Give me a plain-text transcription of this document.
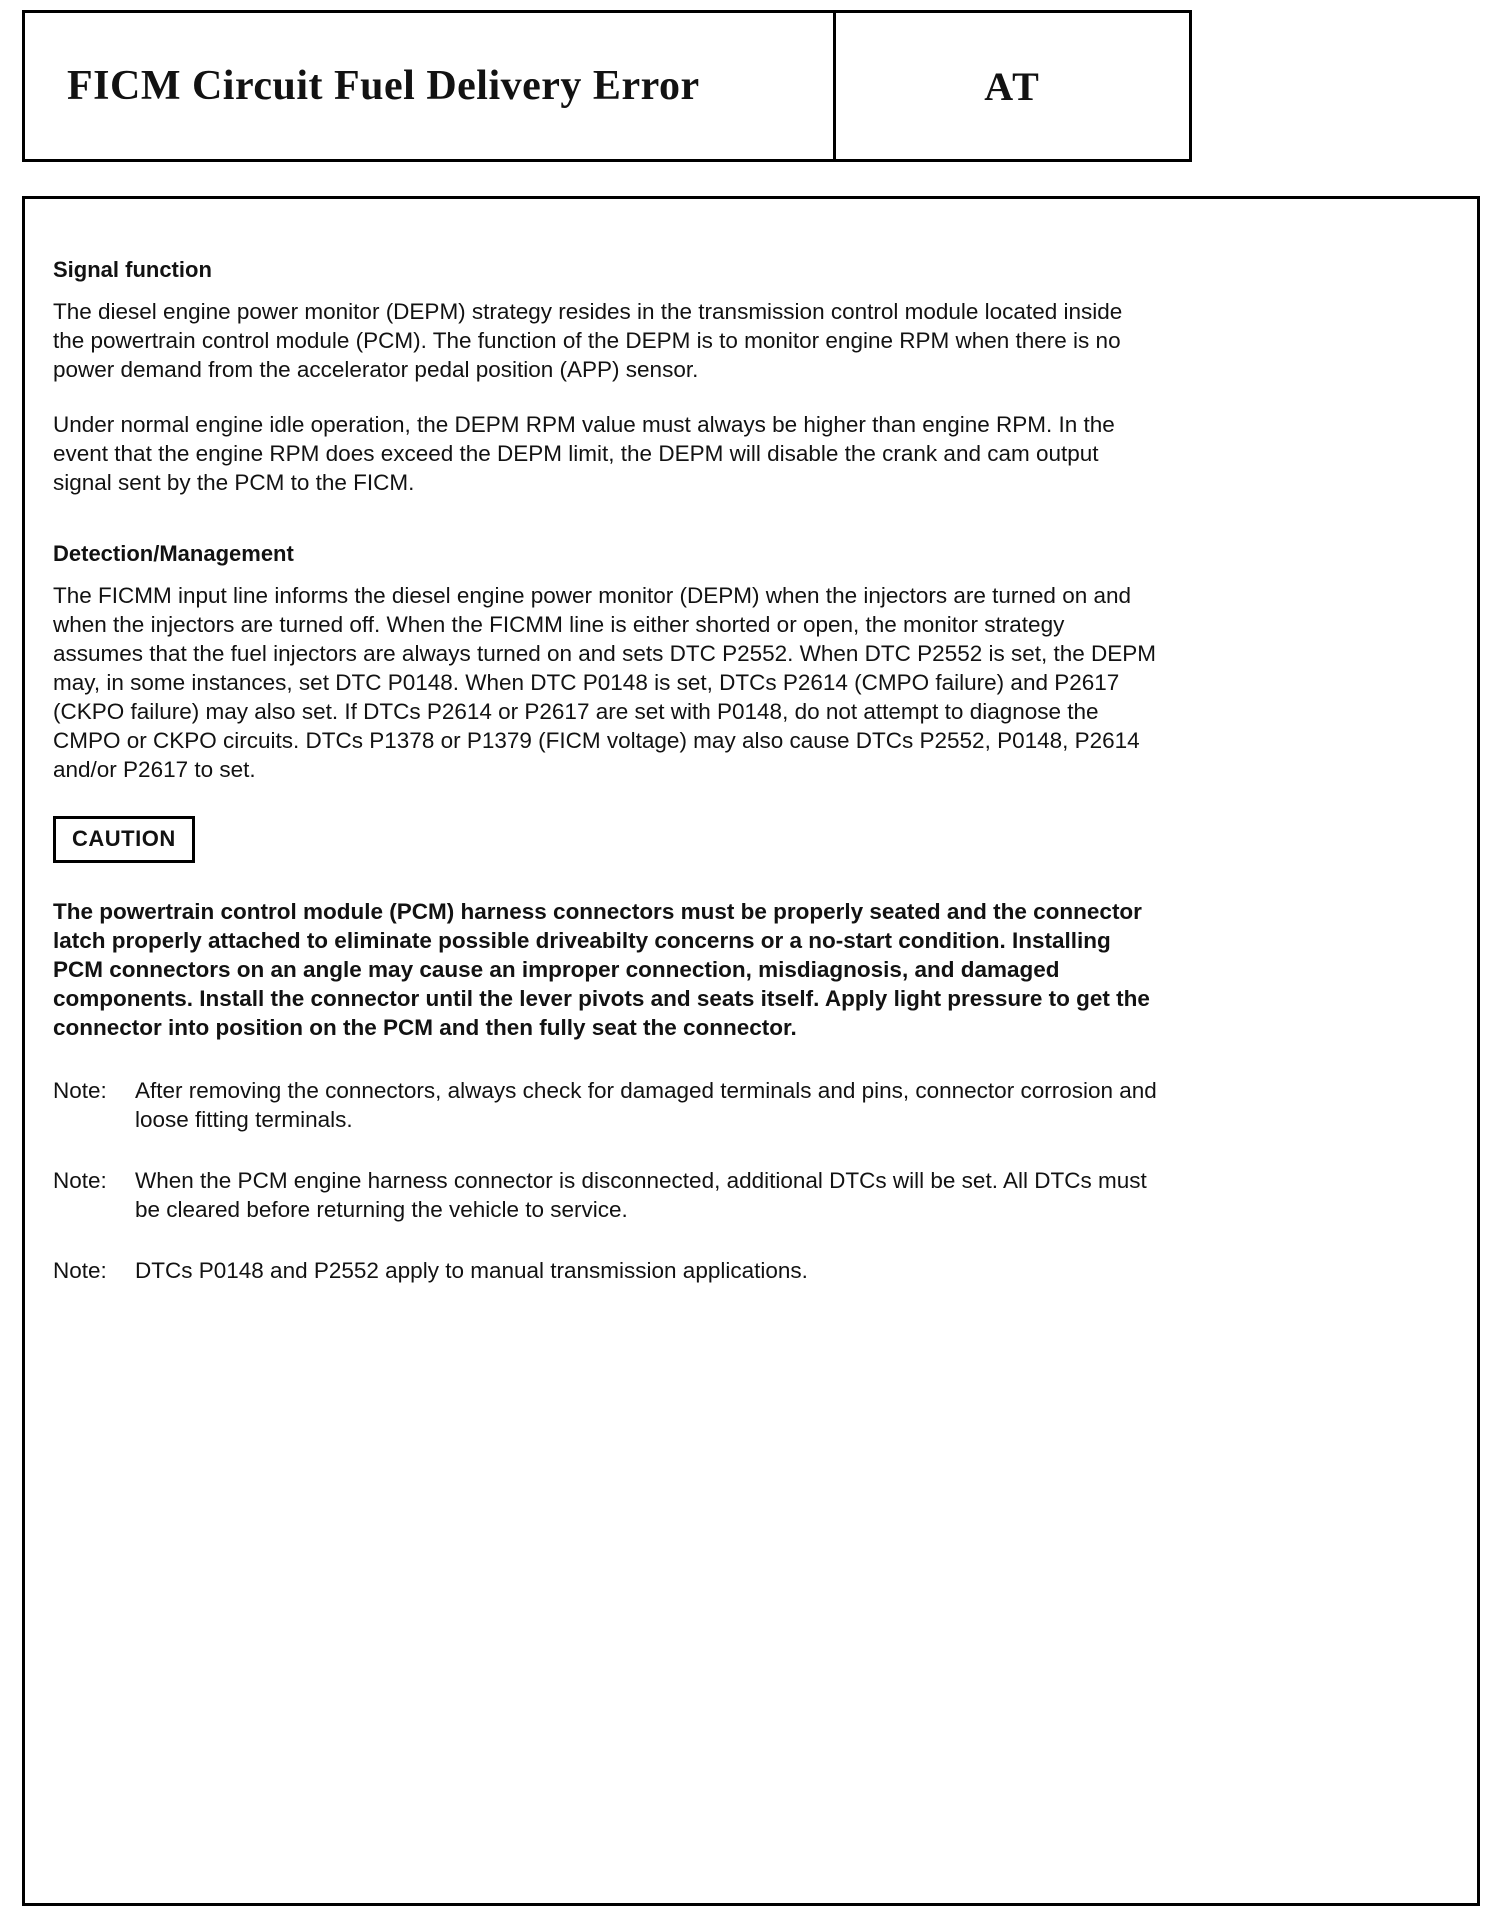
FICM Circuit Fuel Delivery Error	AT
Signal function

The diesel engine power monitor (DEPM) strategy resides in the transmission control module located inside the powertrain control module (PCM). The function of the DEPM is to monitor engine RPM when there is no power demand from the accelerator pedal position (APP) sensor.

Under normal engine idle operation, the DEPM RPM value must always be higher than engine RPM. In the event that the engine RPM does exceed the DEPM limit, the DEPM will disable the crank and cam output signal sent by the PCM to the FICM.

Detection/Management

The FICMM input line informs the diesel engine power monitor (DEPM) when the injectors are turned on and when the injectors are turned off. When the FICMM line is either shorted or open, the monitor strategy assumes that the fuel injectors are always turned on and sets DTC P2552. When DTC P2552 is set, the DEPM may, in some instances, set DTC P0148. When DTC P0148 is set, DTCs P2614 (CMPO failure) and P2617 (CKPO failure) may also set. If DTCs P2614 or P2617 are set with P0148, do not attempt to diagnose the CMPO or CKPO circuits. DTCs P1378 or P1379 (FICM voltage) may also cause DTCs P2552, P0148, P2614 and/or P2617 to set.

CAUTION

The powertrain control module (PCM) harness connectors must be properly seated and the connector latch properly attached to eliminate possible driveabilty concerns or a no-start condition. Installing PCM connectors on an angle may cause an improper connection, misdiagnosis, and damaged components. Install the connector until the lever pivots and seats itself. Apply light pressure to get the connector into position on the PCM and then fully seat the connector.

Note:	After removing the connectors, always check for damaged terminals and pins, connector corrosion and loose fitting terminals.
Note:	When the PCM engine harness connector is disconnected, additional DTCs will be set. All DTCs must be cleared before returning the vehicle to service.
Note:	DTCs P0148 and P2552 apply to manual transmission applications.
